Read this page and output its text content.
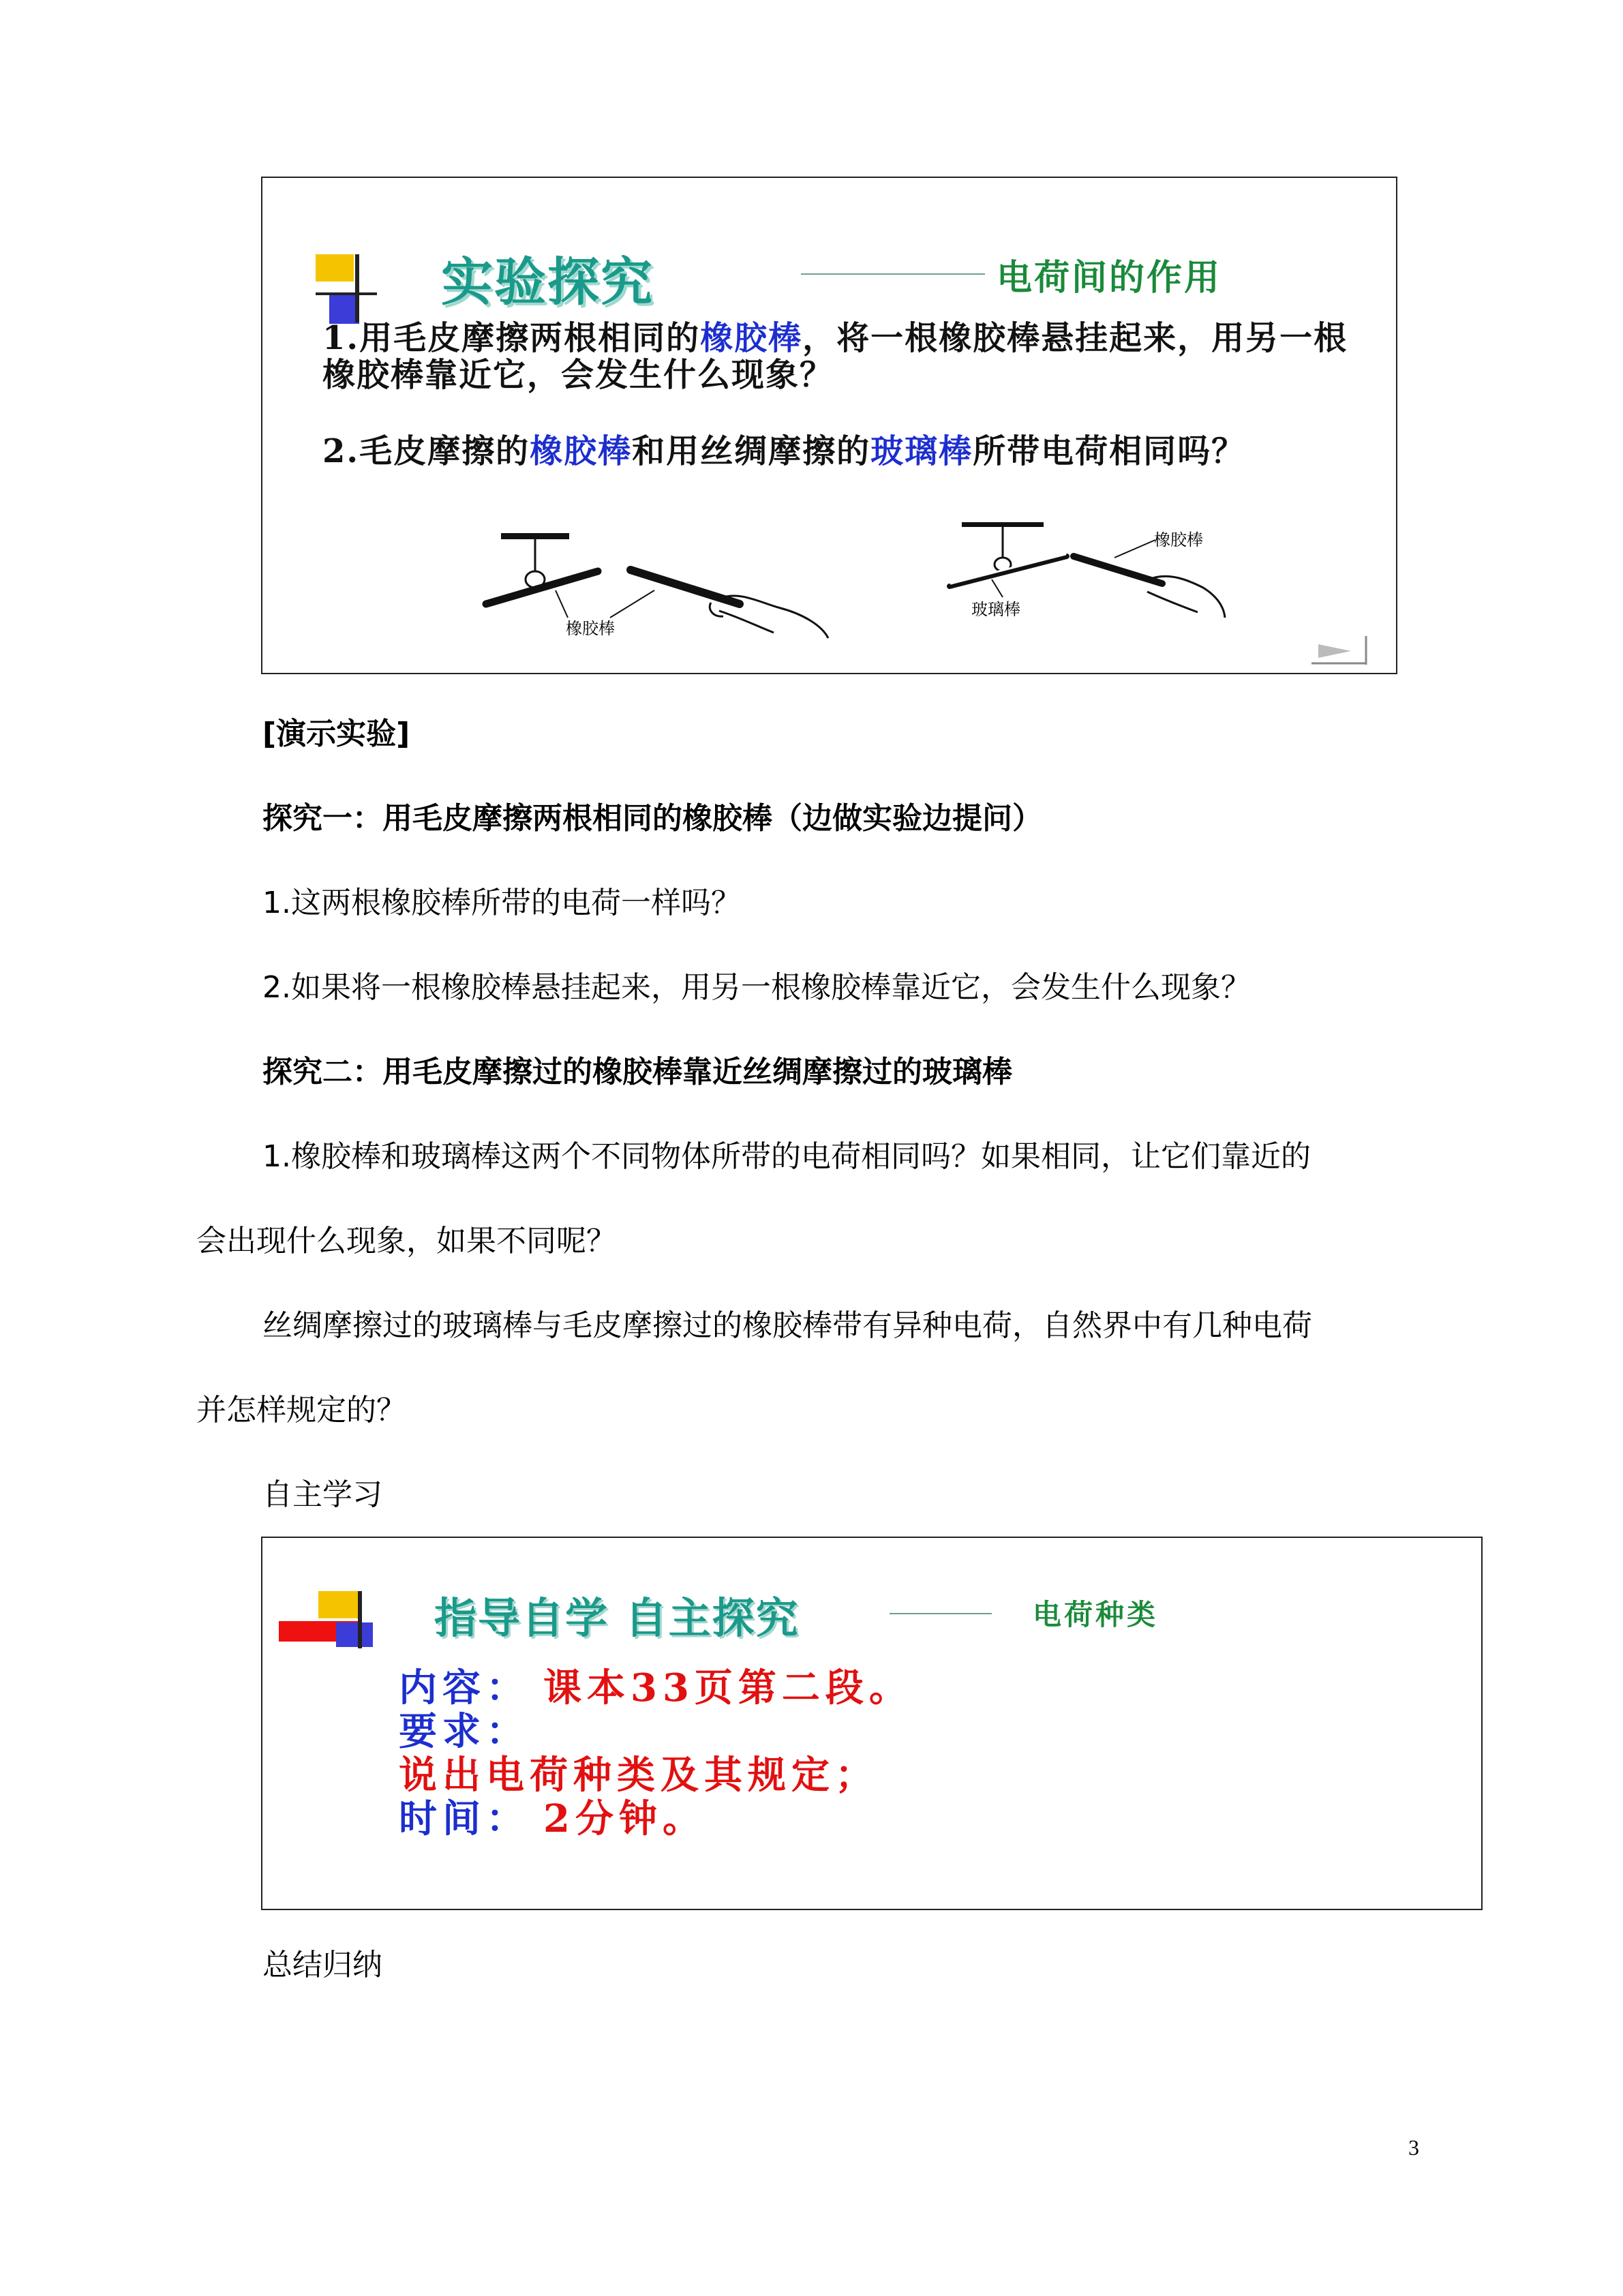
实验探究	电荷间的作用
1.用毛皮摩擦两根相同的橡胶棒，将一根橡胶棒悬挂起来，用另一根橡胶棒靠近它，会发生什么现象？
2.毛皮摩擦的橡胶棒和用丝绸摩擦的玻璃棒所带电荷相同吗？
橡胶棒
橡胶棒
玻璃棒
[演示实验]
探究一：用毛皮摩擦两根相同的橡胶棒（边做实验边提问）
1.这两根橡胶棒所带的电荷一样吗？
2.如果将一根橡胶棒悬挂起来，用另一根橡胶棒靠近它，会发生什么现象？
探究二：用毛皮摩擦过的橡胶棒靠近丝绸摩擦过的玻璃棒
1.橡胶棒和玻璃棒这两个不同物体所带的电荷相同吗？如果相同，让它们靠近的
会出现什么现象，如果不同呢？
丝绸摩擦过的玻璃棒与毛皮摩擦过的橡胶棒带有异种电荷，自然界中有几种电荷
并怎样规定的？
自主学习
指导自学 自主探究	电荷种类
内容： 课本33页第二段。
要求：
说出电荷种类及其规定；
时间： 2分钟。
总结归纳
3
